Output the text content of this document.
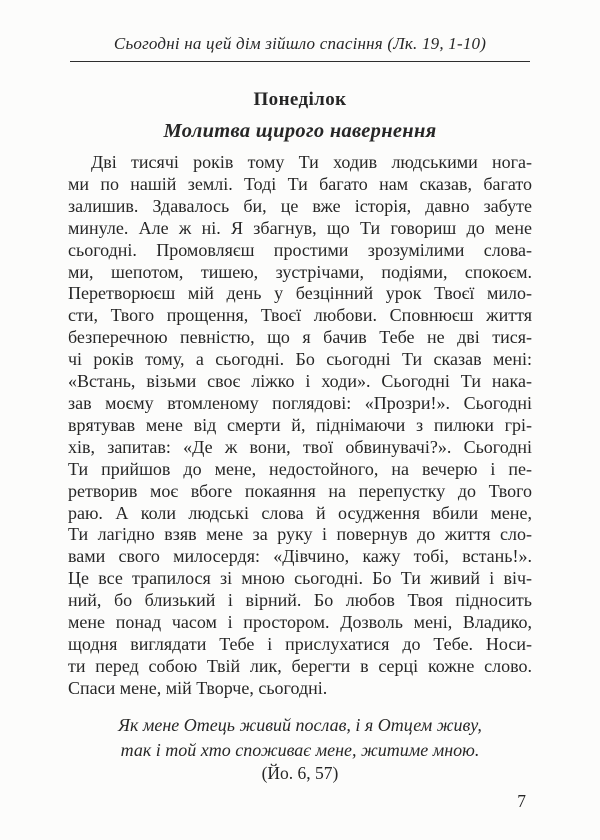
Сьогодні на цей дім зійшло спасіння (Лк. 19, 1-10)
Понеділок
Молитва щирого навернення
Дві тисячі років тому Ти ходив людськими нога-
ми по нашій землі. Тоді Ти багато нам сказав, багато
залишив. Здавалось би, це вже історія, давно забуте
минуле. Але ж ні. Я збагнув, що Ти говориш до мене
сьогодні. Промовляєш простими зрозумілими слова-
ми, шепотом, тишею, зустрічами, подіями, спокоєм.
Перетворюєш мій день у безцінний урок Твоєї мило-
сти, Твого прощення, Твоєї любови. Сповнюєш життя
безперечною певністю, що я бачив Тебе не дві тися-
чі років тому, а сьогодні. Бо сьогодні Ти сказав мені:
«Встань, візьми своє ліжко і ходи». Сьогодні Ти нака-
зав моєму втомленому поглядові: «Прозри!». Сьогодні
врятував мене від смерти й, піднімаючи з пилюки грі-
хів, запитав: «Де ж вони, твої обвинувачі?». Сьогодні
Ти прийшов до мене, недостойного, на вечерю і пе-
ретворив моє вбоге покаяння на перепустку до Твого
раю. А коли людські слова й осудження вбили мене,
Ти лагідно взяв мене за руку і повернув до життя сло-
вами свого милосердя: «Дівчино, кажу тобі, встань!».
Це все трапилося зі мною сьогодні. Бо Ти живий і віч-
ний, бо близький і вірний. Бо любов Твоя підносить
мене понад часом і простором. Дозволь мені, Владико,
щодня виглядати Тебе і прислухатися до Тебе. Носи-
ти перед собою Твій лик, берегти в серці кожне слово.
Спаси мене, мій Творче, сьогодні.
Як мене Отець живий послав, і я Отцем живу,
так і той хто споживає мене, житиме мною.
(Йо. 6, 57)
7
